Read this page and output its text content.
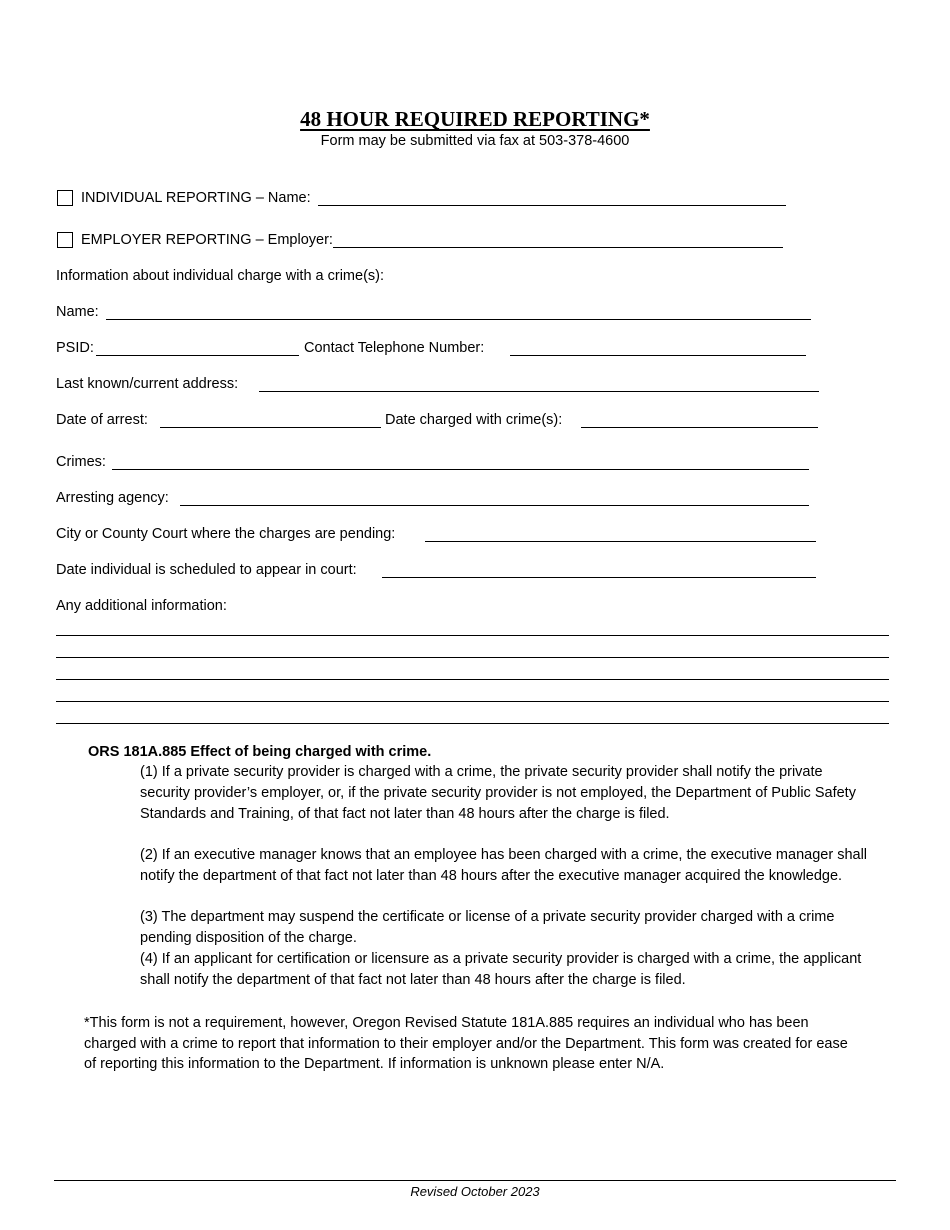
48 HOUR REQUIRED REPORTING*
Form may be submitted via fax at 503-378-4600
INDIVIDUAL REPORTING – Name:
EMPLOYER REPORTING – Employer:
Information about individual charge with a crime(s):
Name:
PSID:	Contact Telephone Number:
Last known/current address:
Date of arrest:	Date charged with crime(s):
Crimes:
Arresting agency:
City or County Court where the charges are pending:
Date individual is scheduled to appear in court:
Any additional information:
ORS 181A.885 Effect of being charged with crime.
(1) If a private security provider is charged with a crime, the private security provider shall notify the private security provider’s employer, or, if the private security provider is not employed, the Department of Public Safety Standards and Training, of that fact not later than 48 hours after the charge is filed.
(2) If an executive manager knows that an employee has been charged with a crime, the executive manager shall notify the department of that fact not later than 48 hours after the executive manager acquired the knowledge.
(3) The department may suspend the certificate or license of a private security provider charged with a crime pending disposition of the charge.
(4) If an applicant for certification or licensure as a private security provider is charged with a crime, the applicant shall notify the department of that fact not later than 48 hours after the charge is filed.
*This form is not a requirement, however, Oregon Revised Statute 181A.885 requires an individual who has been charged with a crime to report that information to their employer and/or the Department. This form was created for ease of reporting this information to the Department. If information is unknown please enter N/A.
Revised October 2023
